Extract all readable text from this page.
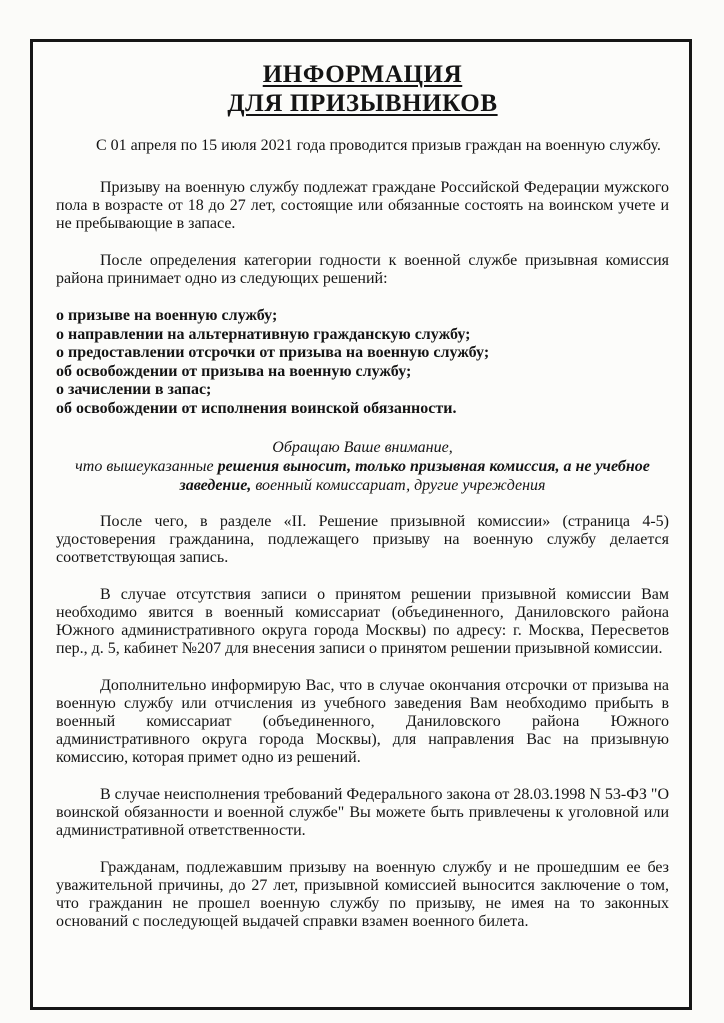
ИНФОРМАЦИЯ
ДЛЯ ПРИЗЫВНИКОВ

С 01 апреля по 15 июля 2021 года проводится призыв граждан на военную службу.

Призыву на военную службу подлежат граждане Российской Федерации мужского пола в возрасте от 18 до 27 лет, состоящие или обязанные состоять на воинском учете и не пребывающие в запасе.

После определения категории годности к военной службе призывная комиссия района принимает одно из следующих решений:

о призыве на военную службу;
о направлении на альтернативную гражданскую службу;
о предоставлении отсрочки от призыва на военную службу;
об освобождении от призыва на военную службу;
о зачислении в запас;
об освобождении от исполнения воинской обязанности.
Обращаю Ваше внимание,
что вышеуказанные решения выносит, только призывная комиссия, а не учебное заведение, военный комиссариат, другие учреждения

После чего, в разделе «II. Решение призывной комиссии» (страница 4-5) удостоверения гражданина, подлежащего призыву на военную службу делается соответствующая запись.

В случае отсутствия записи о принятом решении призывной комиссии Вам необходимо явится в военный комиссариат (объединенного, Даниловского района Южного административного округа города Москвы) по адресу: г. Москва, Пересветов пер., д. 5, кабинет №207 для внесения записи о принятом решении призывной комиссии.

Дополнительно информирую Вас, что в случае окончания отсрочки от призыва на военную службу или отчисления из учебного заведения Вам необходимо прибыть в военный комиссариат (объединенного, Даниловского района Южного административного округа города Москвы), для направления Вас на призывную комиссию, которая примет одно из решений.

В случае неисполнения требований Федерального закона от 28.03.1998 N 53-ФЗ "О воинской обязанности и военной службе" Вы можете быть привлечены к уголовной или административной ответственности.

Гражданам, подлежавшим призыву на военную службу и не прошедшим ее без уважительной причины, до 27 лет, призывной комиссией выносится заключение о том, что гражданин не прошел военную службу по призыву, не имея на то законных оснований с последующей выдачей справки взамен военного билета.
